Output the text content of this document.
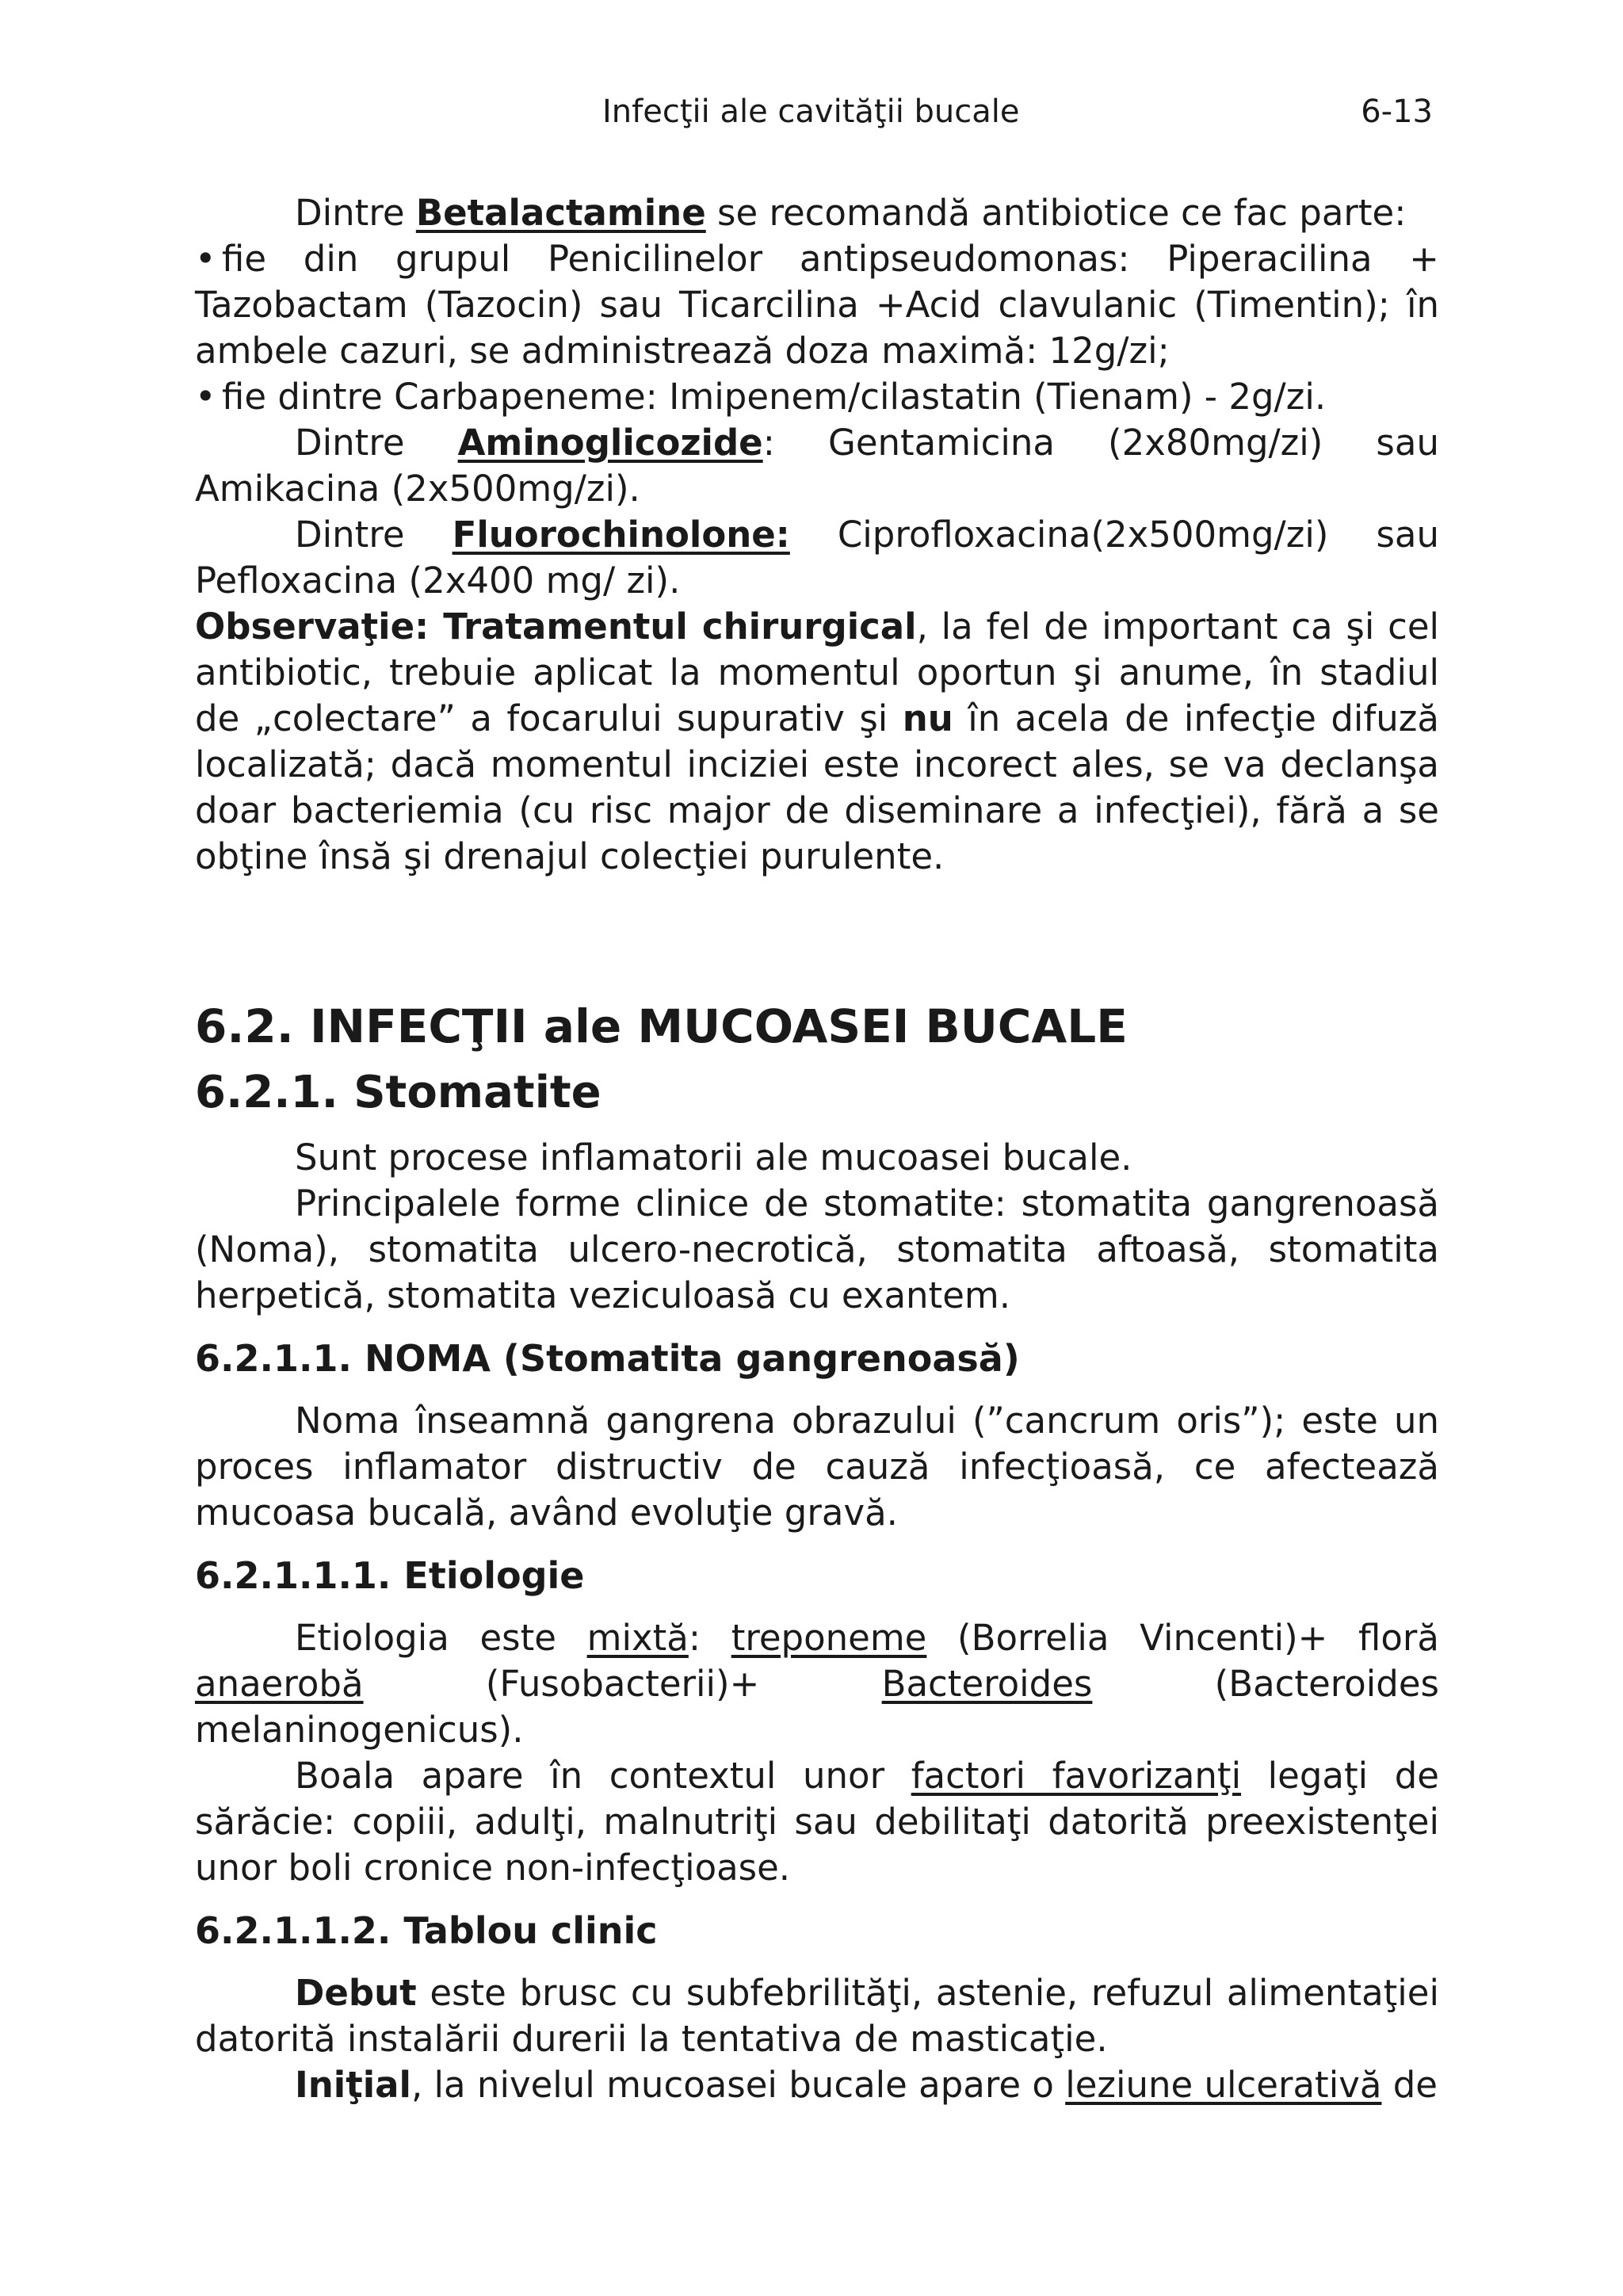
Infecţii ale cavităţii bucale	6-13

Dintre Betalactamine se recomandă antibiotice ce fac parte:

• fie din grupul Penicilinelor antipseudomonas: Piperacilina + Tazobactam (Tazocin) sau Ticarcilina +Acid clavulanic (Timentin); în ambele cazuri, se administrează doza maximă: 12g/zi;
• fie dintre Carbapeneme: Imipenem/cilastatin (Tienam) - 2g/zi.

Dintre Aminoglicozide: Gentamicina (2x80mg/zi) sau Amikacina (2x500mg/zi).

Dintre Fluorochinolone: Ciprofloxacina(2x500mg/zi) sau Pefloxacina (2x400 mg/ zi).

Observaţie: Tratamentul chirurgical, la fel de important ca şi cel antibiotic, trebuie aplicat la momentul oportun şi anume, în stadiul de „colectare” a focarului supurativ şi nu în acela de infecţie difuză localizată; dacă momentul inciziei este incorect ales, se va declanşa doar bacteriemia (cu risc major de diseminare a infecţiei), fără a se obţine însă şi drenajul colecţiei purulente.

6.2. INFECŢII ale MUCOASEI BUCALE
6.2.1. Stomatite

Sunt procese inflamatorii ale mucoasei bucale.

Principalele forme clinice de stomatite: stomatita gangrenoasă (Noma), stomatita ulcero-necrotică, stomatita aftoasă, stomatita herpetică, stomatita veziculoasă cu exantem.

6.2.1.1. NOMA (Stomatita gangrenoasă)

Noma înseamnă gangrena obrazului (”cancrum oris”); este un proces inflamator distructiv de cauză infecţioasă, ce afectează mucoasa bucală, având evoluţie gravă.

6.2.1.1.1. Etiologie

Etiologia este mixtă: treponeme (Borrelia Vincenti)+ floră anaerobă (Fusobacterii)+ Bacteroides (Bacteroides melaninogenicus).

Boala apare în contextul unor factori favorizanţi legaţi de sărăcie: copiii, adulţi, malnutriţi sau debilitaţi datorită preexistenţei unor boli cronice non-infecţioase.

6.2.1.1.2. Tablou clinic

Debut este brusc cu subfebrilităţi, astenie, refuzul alimentaţiei datorită instalării durerii la tentativa de masticaţie.

Iniţial, la nivelul mucoasei bucale apare o leziune ulcerativă de
